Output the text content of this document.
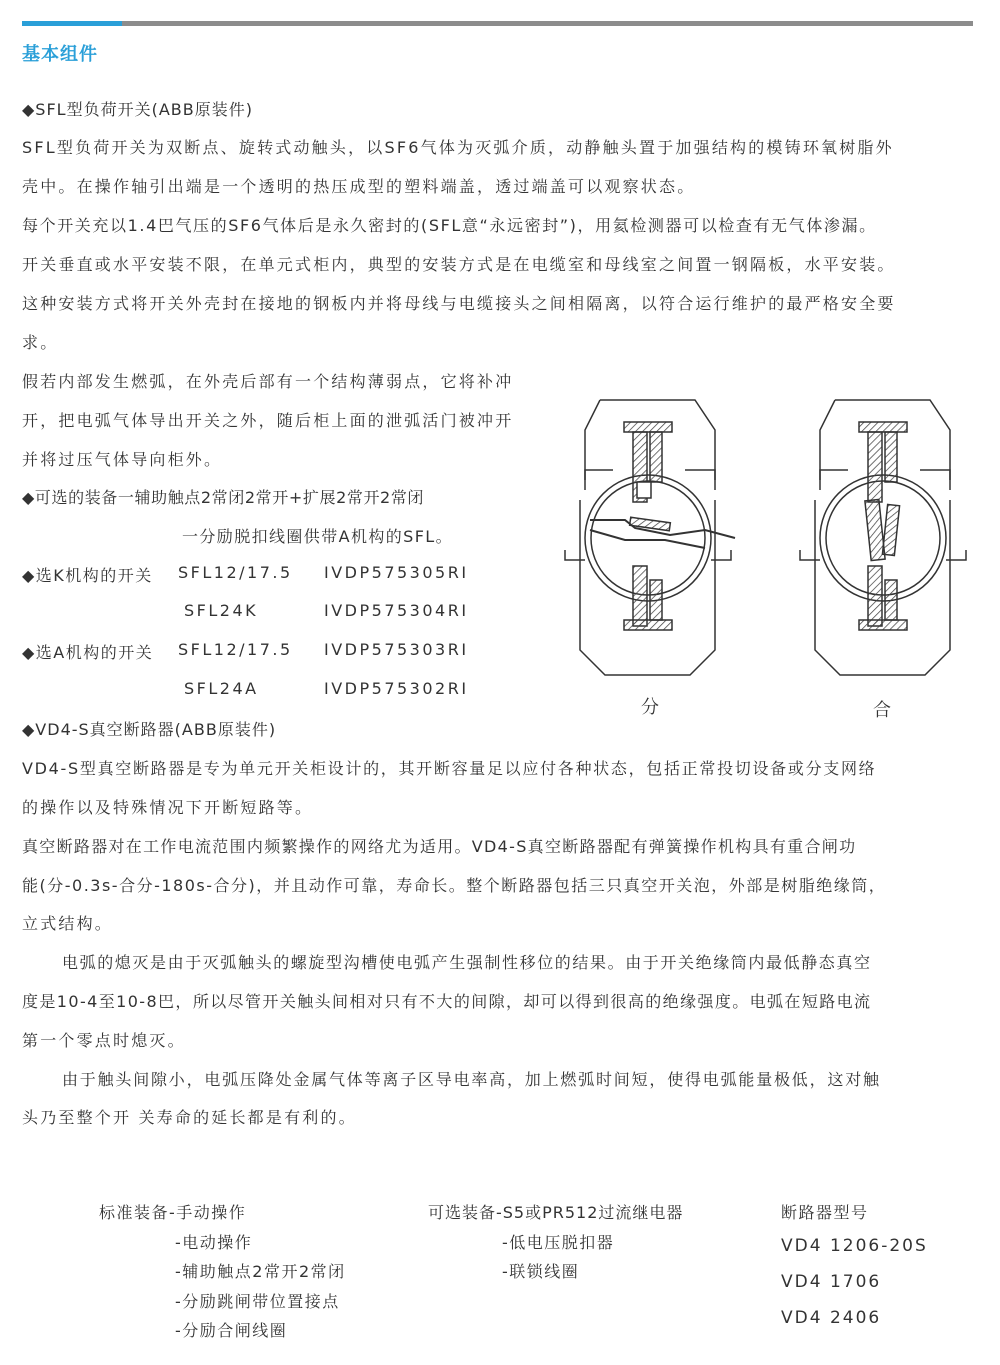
基本组件
◆SFL型负荷开关(ABB原装件)
SFL型负荷开关为双断点、旋转式动触头，以SF6气体为灭弧介质，动静触头置于加强结构的模铸环氧树脂外
壳中。在操作轴引出端是一个透明的热压成型的塑料端盖，透过端盖可以观察状态。
每个开关充以1.4巴气压的SF6气体后是永久密封的(SFL意“永远密封”)，用氦检测器可以检查有无气体渗漏。
开关垂直或水平安装不限，在单元式柜内，典型的安装方式是在电缆室和母线室之间置一钢隔板，水平安装。
这种安装方式将开关外壳封在接地的钢板内并将母线与电缆接头之间相隔离，以符合运行维护的最严格安全要
求。
假若内部发生燃弧，在外壳后部有一个结构薄弱点，它将补冲
开，把电弧气体导出开关之外，随后柜上面的泄弧活门被冲开
并将过压气体导向柜外。
◆可选的装备一辅助触点2常闭2常开+扩展2常开2常闭
一分励脱扣线圈供带A机构的SFL。
◆选K机构的开关 SFL12/17.5 IVDP575305RI
SFL24K	IVDP575304RI
◆选A机构的开关 SFL12/17.5 IVDP575303RI
SFL24A	IVDP575302RI
分	合
◆VD4-S真空断路器(ABB原装件)
VD4-S型真空断路器是专为单元开关柜设计的，其开断容量足以应付各种状态，包括正常投切设备或分支网络
的操作以及特殊情况下开断短路等。
真空断路器对在工作电流范围内频繁操作的网络尤为适用。VD4-S真空断路器配有弹簧操作机构具有重合闸功
能(分-0.3s-合分-180s-合分)，并且动作可靠，寿命长。整个断路器包括三只真空开关泡，外部是树脂绝缘筒，
立式结构。
电弧的熄灭是由于灭弧触头的螺旋型沟槽使电弧产生强制性移位的结果。由于开关绝缘筒内最低静态真空
度是10-4至10-8巴，所以尽管开关触头间相对只有不大的间隙，却可以得到很高的绝缘强度。电弧在短路电流
第一个零点时熄灭。
由于触头间隙小，电弧压降处金属气体等离子区导电率高，加上燃弧时间短，使得电弧能量极低，这对触
头乃至整个开 关寿命的延长都是有利的。
标准装备-手动操作
-电动操作
-辅助触点2常开2常闭
-分励跳闸带位置接点
-分励合闸线圈
可选装备-S5或PR512过流继电器
-低电压脱扣器
-联锁线圈
断路器型号
VD4 1206-20S
VD4 1706
VD4 2406
